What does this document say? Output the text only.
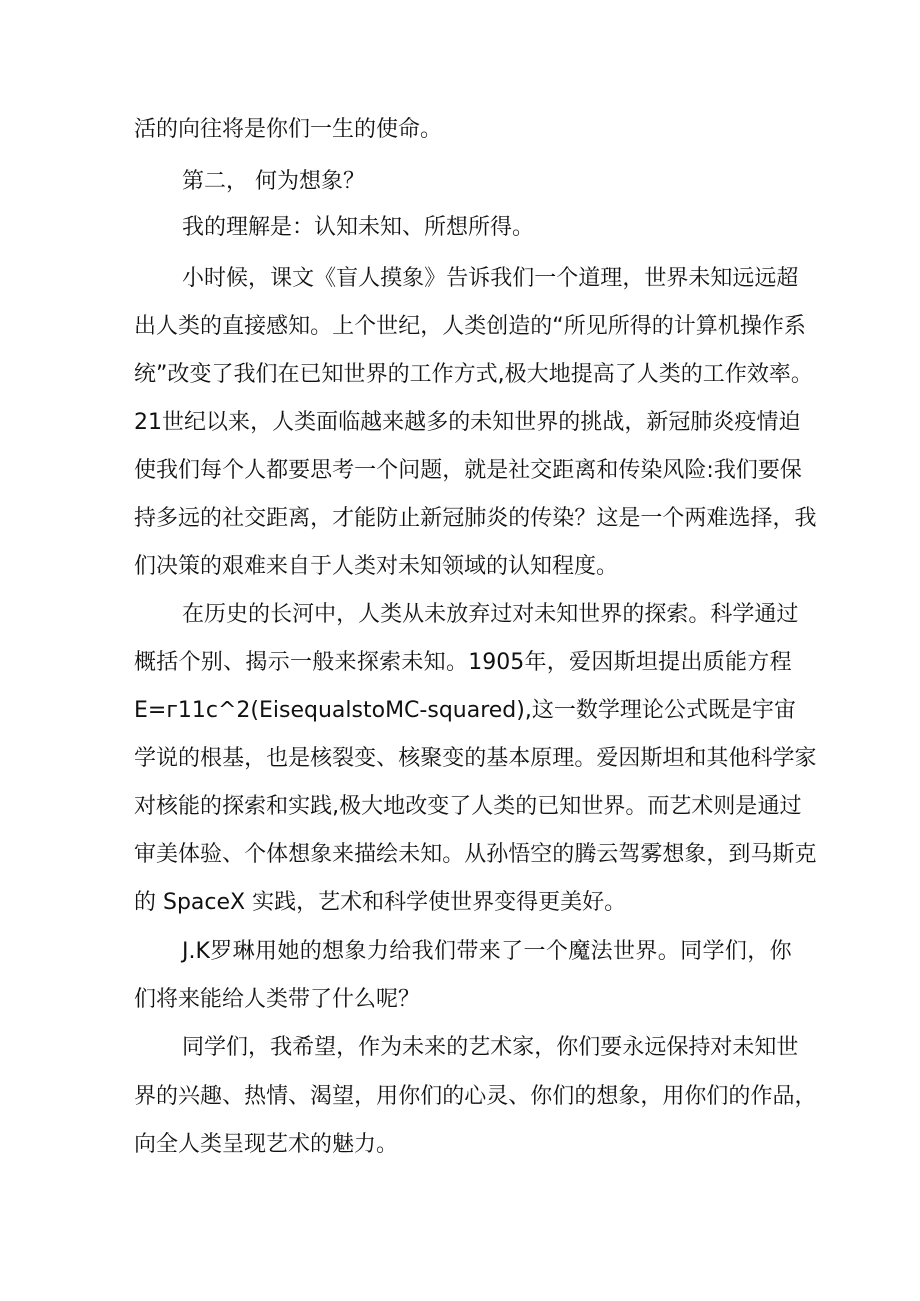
活的向往将是你们一生的使命。
第二， 何为想象？
我的理解是：认知未知、所想所得。
小 时 候 ， 课 文 《 盲 人 摸 象 》 告 诉 我 们 一 个 道 理 ， 世 界 未 知 远 远 超
出 人 类 的 直 接 感 知 。 上 个 世 纪 ， 人 类 创 造 的 “ 所 见 所 得 的 计 算 机 操 作 系
统 ” 改 变 了 我 们 在 已 知 世 界 的 工 作 方 式 , 极 大 地 提 高 了 人 类 的 工 作 效 率 。
21 世 纪 以 来 ， 人 类 面 临 越 来 越 多 的 未 知 世 界 的 挑 战 ， 新 冠 肺 炎 疫 情 迫
使 我 们 每 个 人 都 要 思 考 一 个 问 题 ， 就 是 社 交 距 离 和 传 染 风 险 : 我 们 要 保
持 多 远 的 社 交 距 离 ， 才 能 防 止 新 冠 肺 炎 的 传 染 ？ 这 是 一 个 两 难 选 择 ， 我
们决策的艰难来自于人类对未知领域的认知程度。
在 历 史 的 长 河 中 ， 人 类 从 未 放 弃 过 对 未 知 世 界 的 探 索 。 科 学 通 过
概 括 个 别 、 揭 示 一 般 来 探 索 未 知 。 1905 年 ， 爱 因 斯 坦 提 出 质 能 方 程
E= г 11c^2(EisequalstoMC-squared), 这 一 数 学 理 论 公 式 既 是 宇 宙
学 说 的 根 基 ， 也 是 核 裂 变 、 核 聚 变 的 基 本 原 理 。 爱 因 斯 坦 和 其 他 科 学 家
对 核 能 的 探 索 和 实 践 , 极 大 地 改 变 了 人 类 的 已 知 世 界 。 而 艺 术 则 是 通 过
审 美 体 验 、 个 体 想 象 来 描 绘 未 知 。 从 孙 悟 空 的 腾 云 驾 雾 想 象 ， 到 马 斯 克
的 SpaceX 实践，艺术和科学使世界变得更美好。
J.K 罗 琳 用 她 的 想 象 力 给 我 们 带 来 了 一 个 魔 法 世 界 。 同 学 们 ， 你
们将来能给人类带了什么呢？
同 学 们 ， 我 希 望 ， 作 为 未 来 的 艺 术 家 ， 你 们 要 永 远 保 持 对 未 知 世
界 的 兴 趣 、 热 情 、 渴 望 ， 用 你 们 的 心 灵 、 你 们 的 想 象 ， 用 你 们 的 作 品 ，
向全人类呈现艺术的魅力。
